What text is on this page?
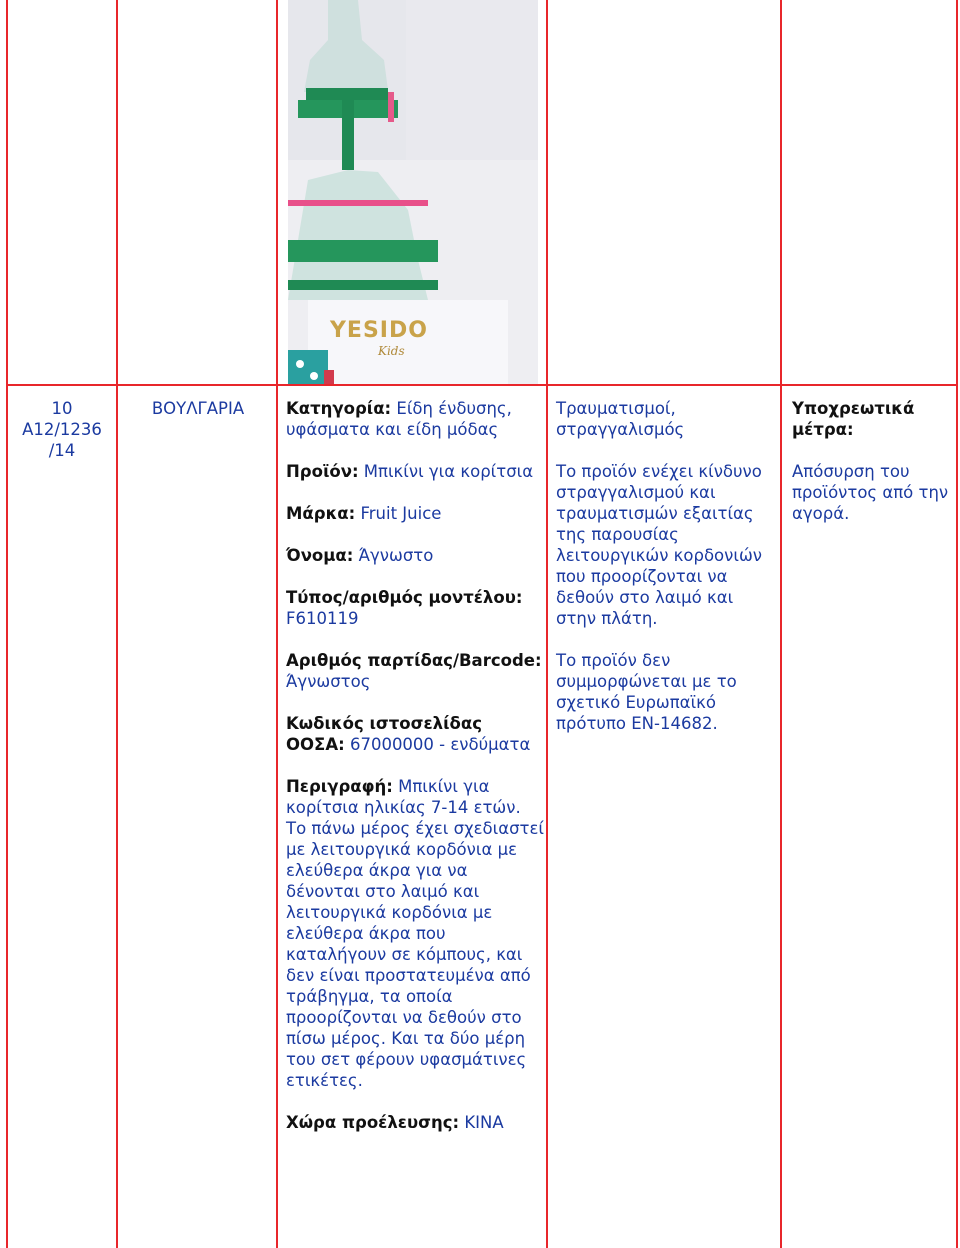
YESIDO
Kids

10

A12/1236

/14

ΒΟΥΛΓΑΡΙΑ	Κατηγορία: Είδη ένδυσης, υφάσματα και είδη μόδας

Προϊόν: Μπικίνι για κορίτσια

Μάρκα: Fruit Juice

Όνομα: Άγνωστο

Τύπος/αριθμός μοντέλου: F610119

Αριθμός παρτίδας/Barcode: Άγνωστος

Κωδικός ιστοσελίδας ΟΟΣΑ: 67000000 - ενδύματα

Περιγραφή: Μπικίνι για κορίτσια ηλικίας 7-14 ετών. Το πάνω μέρος έχει σχεδιαστεί με λειτουργικά κορδόνια με ελεύθερα άκρα για να δένονται στο λαιμό και λειτουργικά κορδόνια με ελεύθερα άκρα που καταλήγουν σε κόμπους, και δεν είναι προστατευμένα από τράβηγμα, τα οποία προορίζονται να δεθούν στο πίσω μέρος. Και τα δύο μέρη του σετ φέρουν υφασμάτινες ετικέτες.

Χώρα προέλευσης: ΚΙΝΑ

Τραυματισμοί, στραγγαλισμός

Το προϊόν ενέχει κίνδυνο στραγγαλισμού και τραυματισμών εξαιτίας της παρουσίας λειτουργικών κορδονιών που προορίζονται να δεθούν στο λαιμό και στην πλάτη.

Το προϊόν δεν συμμορφώνεται με το σχετικό Ευρωπαϊκό πρότυπο ΕΝ-14682.

Υποχρεωτικά μέτρα:

Απόσυρση του προϊόντος από την αγορά.
